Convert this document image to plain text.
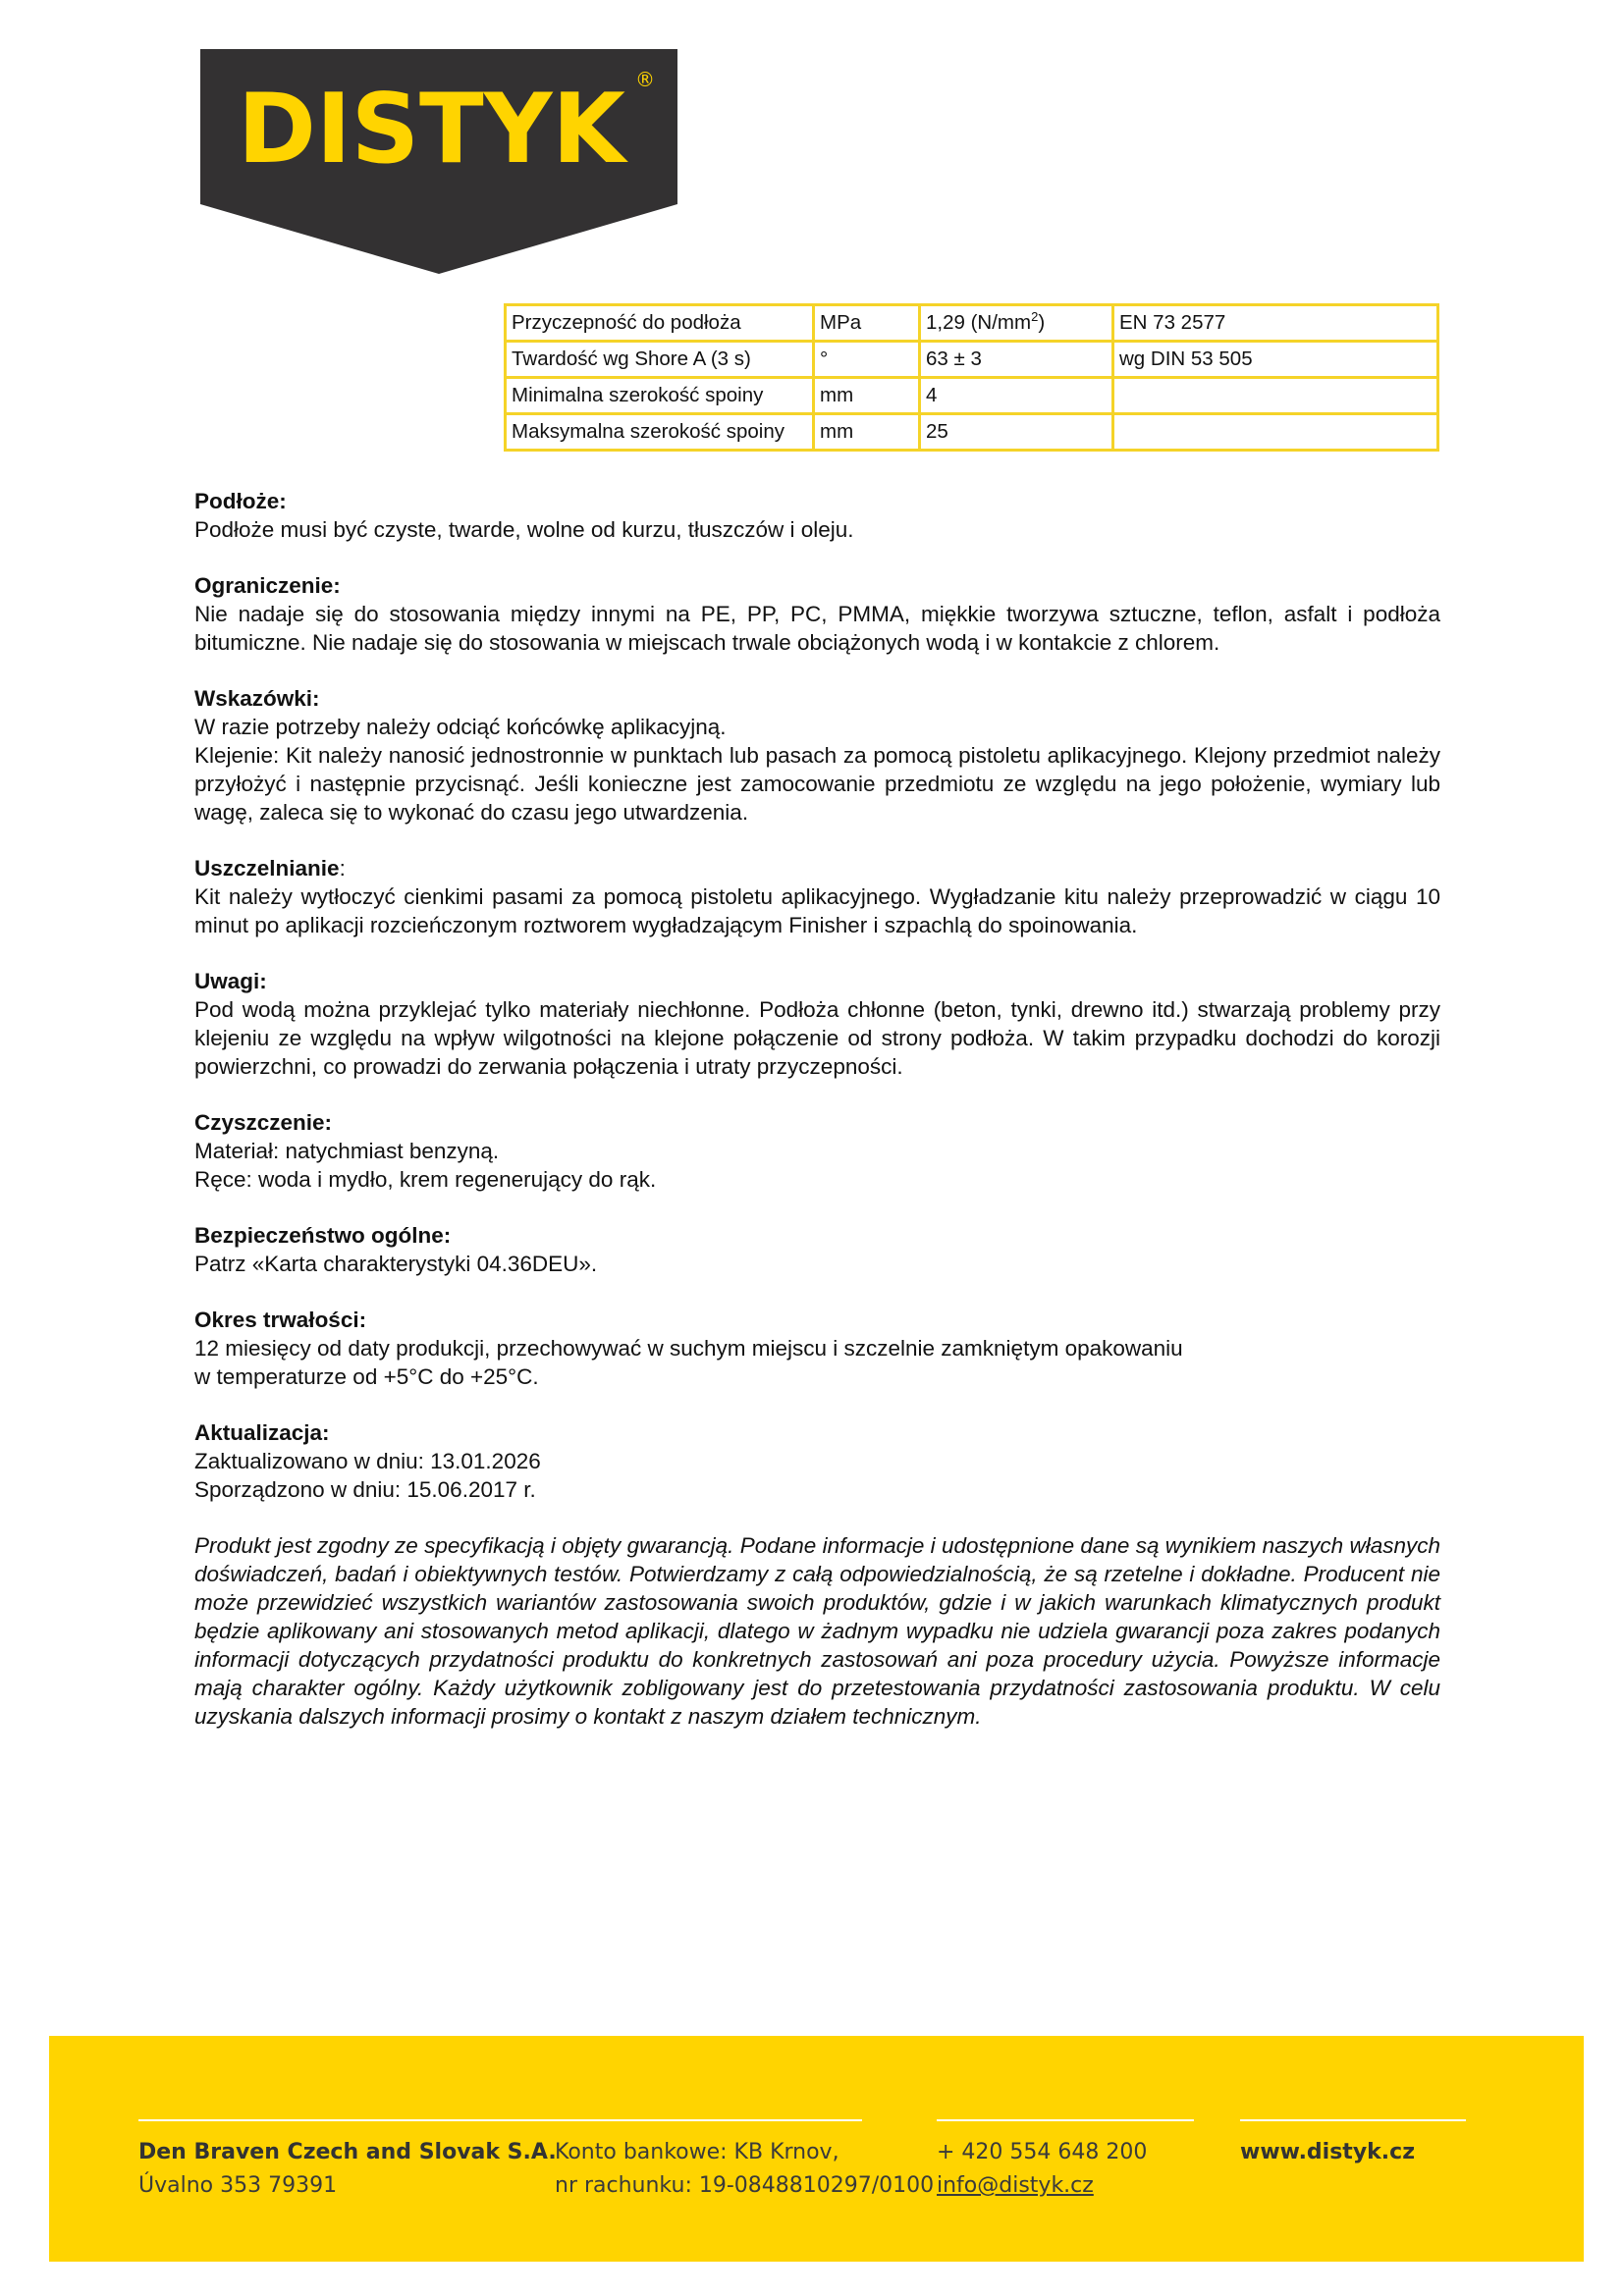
DISTYK ®
Przyczepność do podłoża	MPa	1,29 $(N/mm^2)$	EN 73 2577
Twardość wg Shore A (3 s)	°	63 ± 3	wg DIN 53 505
Minimalna szerokość spoiny	mm	4	
Maksymalna szerokość spoiny	mm	25	
Podłoże:

Podłoże musi być czyste, twarde, wolne od kurzu, tłuszczów i oleju.

Ograniczenie:

Nie nadaje się do stosowania między innymi na PE, PP, PC, PMMA, miękkie tworzywa sztuczne, teflon, asfalt i podłoża bitumiczne. Nie nadaje się do stosowania w miejscach trwale obciążonych wodą i w kontakcie z chlorem.

Wskazówki:

W razie potrzeby należy odciąć końcówkę aplikacyjną.

Klejenie: Kit należy nanosić jednostronnie w punktach lub pasach za pomocą pistoletu aplikacyjnego. Klejony przedmiot należy przyłożyć i następnie przycisnąć. Jeśli konieczne jest zamocowanie przedmiotu ze względu na jego położenie, wymiary lub wagę, zaleca się to wykonać do czasu jego utwardzenia.

Uszczelnianie:

Kit należy wytłoczyć cienkimi pasami za pomocą pistoletu aplikacyjnego. Wygładzanie kitu należy przeprowadzić w ciągu 10 minut po aplikacji rozcieńczonym roztworem wygładzającym Finisher i szpachlą do spoinowania.

Uwagi:

Pod wodą można przyklejać tylko materiały niechłonne. Podłoża chłonne (beton, tynki, drewno itd.) stwarzają problemy przy klejeniu ze względu na wpływ wilgotności na klejone połączenie od strony podłoża. W takim przypadku dochodzi do korozji powierzchni, co prowadzi do zerwania połączenia i utraty przyczepności.

Czyszczenie:

Materiał: natychmiast benzyną.

Ręce: woda i mydło, krem regenerujący do rąk.

Bezpieczeństwo ogólne:

Patrz «Karta charakterystyki 04.36DEU».

Okres trwałości:

12 miesięcy od daty produkcji, przechowywać w suchym miejscu i szczelnie zamkniętym opakowaniu

w temperaturze od +5°C do +25°C.

Aktualizacja:

Zaktualizowano w dniu: 13.01.2026

Sporządzono w dniu: 15.06.2017 r.

Produkt jest zgodny ze specyfikacją i objęty gwarancją. Podane informacje i udostępnione dane są wynikiem naszych własnych doświadczeń, badań i obiektywnych testów. Potwierdzamy z całą odpowiedzialnością, że są rzetelne i dokładne. Producent nie może przewidzieć wszystkich wariantów zastosowania swoich produktów, gdzie i w jakich warunkach klimatycznych produkt będzie aplikowany ani stosowanych metod aplikacji, dlatego w żadnym wypadku nie udziela gwarancji poza zakres podanych informacji dotyczących przydatności produktu do konkretnych zastosowań ani poza procedury użycia. Powyższe informacje mają charakter ogólny. Każdy użytkownik zobligowany jest do przetestowania przydatności zastosowania produktu. W celu uzyskania dalszych informacji prosimy o kontakt z naszym działem technicznym.

Den Braven Czech and Slovak S.A.
Úvalno 353 79391
Konto bankowe: KB Krnov,
nr rachunku: 19-0848810297/0100
+ 420 554 648 200
info@distyk.cz
www.distyk.cz
